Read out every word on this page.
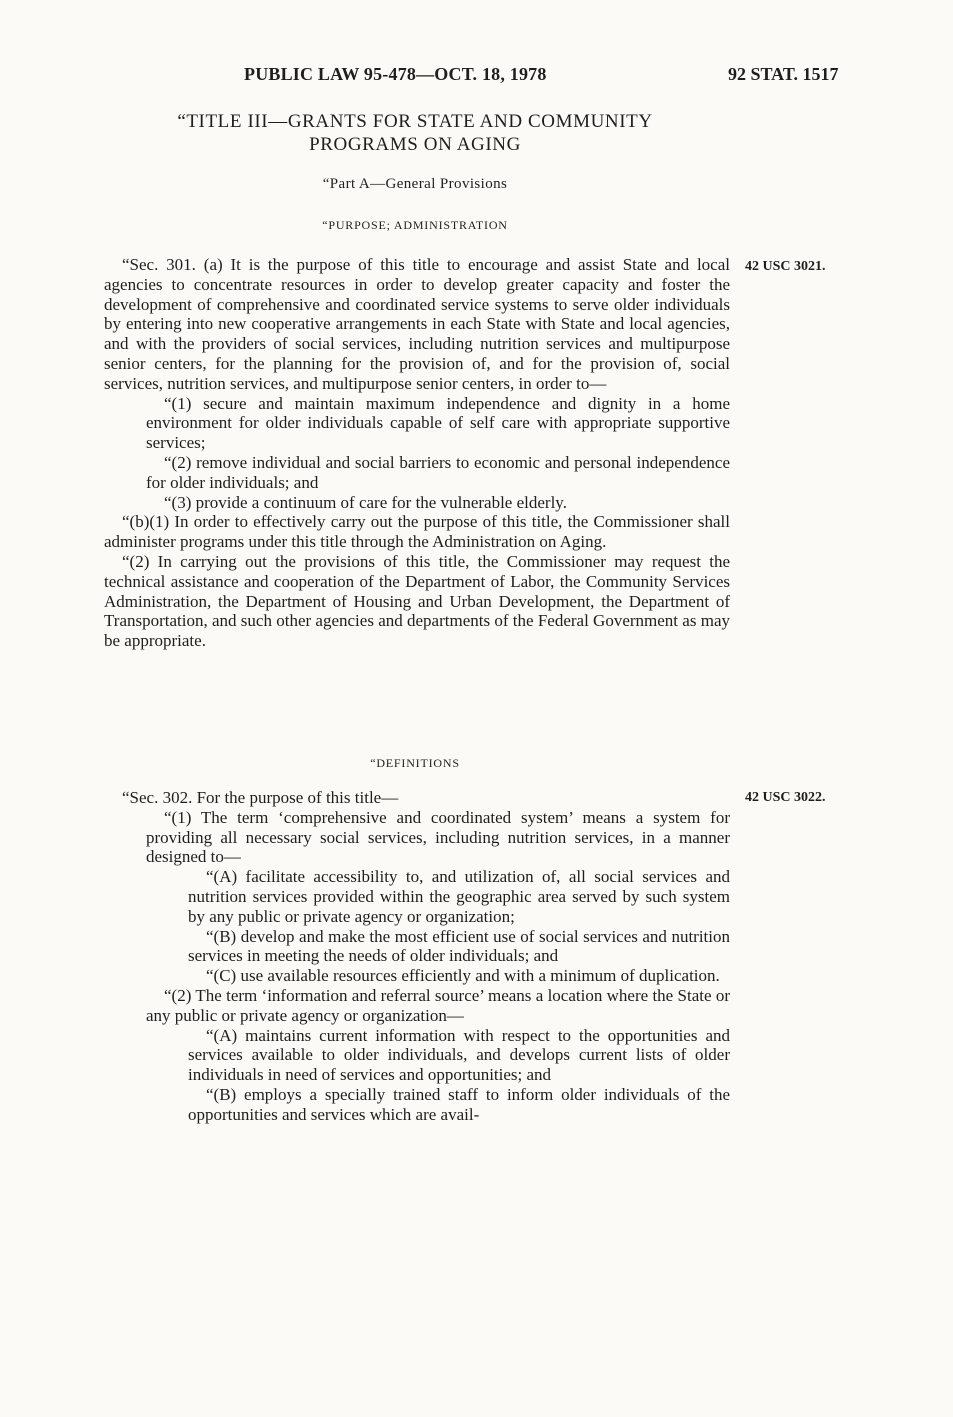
PUBLIC LAW 95-478—OCT. 18, 1978	92 STAT. 1517
“TITLE III—GRANTS FOR STATE AND COMMUNITY
PROGRAMS ON AGING
“Part A—General Provisions
“PURPOSE; ADMINISTRATION
42 USC 3021.

“Sec. 301. (a) It is the purpose of this title to encourage and assist State and local agencies to concentrate resources in order to develop greater capacity and foster the development of comprehensive and coordinated service systems to serve older individuals by entering into new cooperative arrangements in each State with State and local agencies, and with the providers of social services, including nutrition services and multipurpose senior centers, for the planning for the provision of, and for the provision of, social services, nutrition services, and multipurpose senior centers, in order to—

“(1) secure and maintain maximum independence and dignity in a home environment for older individuals capable of self care with appropriate supportive services;

“(2) remove individual and social barriers to economic and personal independence for older individuals; and

“(3) provide a continuum of care for the vulnerable elderly.

“(b)(1) In order to effectively carry out the purpose of this title, the Commissioner shall administer programs under this title through the Administration on Aging.

“(2) In carrying out the provisions of this title, the Commissioner may request the technical assistance and cooperation of the Department of Labor, the Community Services Administration, the Department of Housing and Urban Development, the Department of Transportation, and such other agencies and departments of the Federal Government as may be appropriate.

“DEFINITIONS
42 USC 3022.

“Sec. 302. For the purpose of this title—

“(1) The term ‘comprehensive and coordinated system’ means a system for providing all necessary social services, including nutrition services, in a manner designed to—

“(A) facilitate accessibility to, and utilization of, all social services and nutrition services provided within the geographic area served by such system by any public or private agency or organization;

“(B) develop and make the most efficient use of social services and nutrition services in meeting the needs of older individuals; and

“(C) use available resources efficiently and with a minimum of duplication.

“(2) The term ‘information and referral source’ means a location where the State or any public or private agency or organization—

“(A) maintains current information with respect to the opportunities and services available to older individuals, and develops current lists of older individuals in need of services and opportunities; and

“(B) employs a specially trained staff to inform older individuals of the opportunities and services which are avail-
